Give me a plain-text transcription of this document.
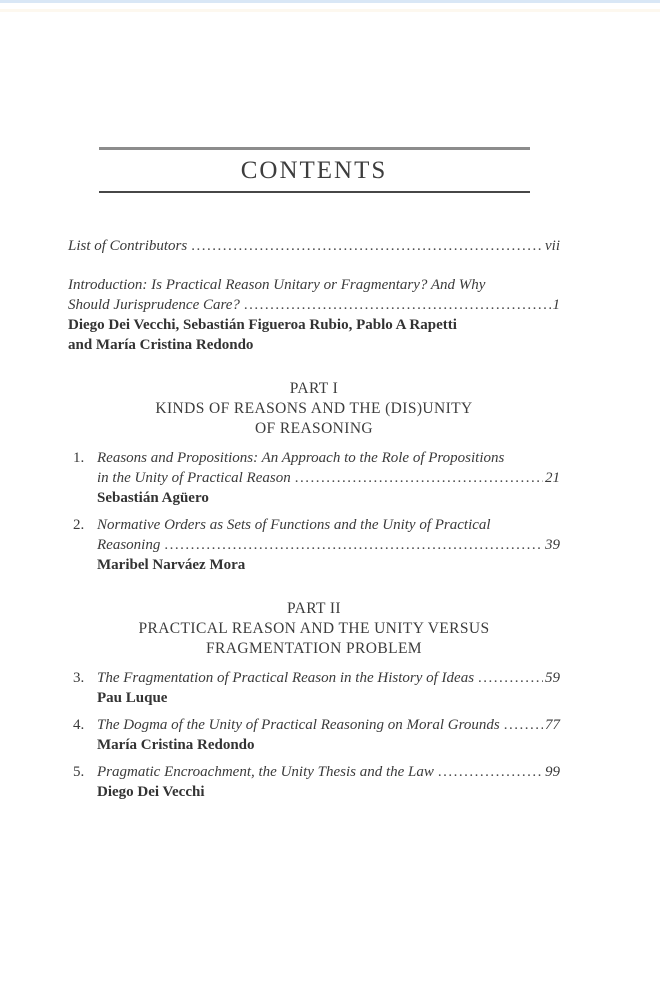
CONTENTS
List of Contributors .....	vii
Introduction: Is Practical Reason Unitary or Fragmentary? And Why
Should Jurisprudence Care? .....	1
Diego Dei Vecchi, Sebastián Figueroa Rubio, Pablo A Rapetti
and María Cristina Redondo
PART I
KINDS OF REASONS AND THE (DIS)UNITY
OF REASONING
1. Reasons and Propositions: An Approach to the Role of Propositions
in the Unity of Practical Reason .....	21
Sebastián Agüero
2. Normative Orders as Sets of Functions and the Unity of Practical
Reasoning .....	39
Maribel Narváez Mora
PART II
PRACTICAL REASON AND THE UNITY VERSUS
FRAGMENTATION PROBLEM
3. The Fragmentation of Practical Reason in the History of Ideas .....	59
Pau Luque
4. The Dogma of the Unity of Practical Reasoning on Moral Grounds .....	77
María Cristina Redondo
5. Pragmatic Encroachment, the Unity Thesis and the Law .....	99
Diego Dei Vecchi
